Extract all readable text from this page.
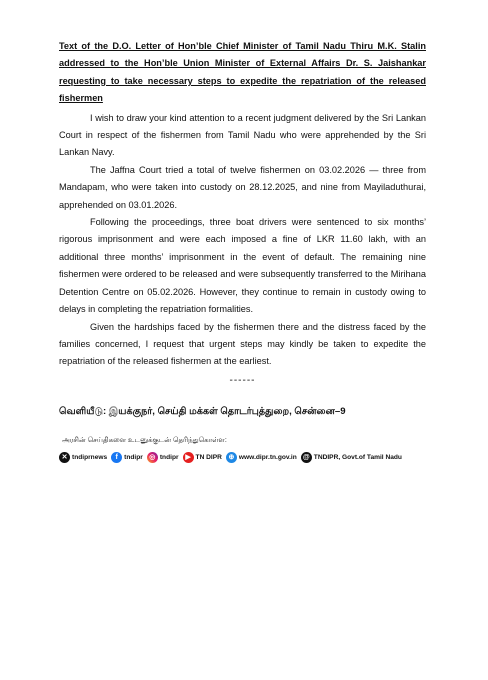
Text of the D.O. Letter of Hon’ble Chief Minister of Tamil Nadu Thiru M.K. Stalin addressed to the Hon’ble Union Minister of External Affairs Dr. S. Jaishankar requesting to take necessary steps to expedite the repatriation of the released fishermen

I wish to draw your kind attention to a recent judgment delivered by the Sri Lankan Court in respect of the fishermen from Tamil Nadu who were apprehended by the Sri Lankan Navy.

The Jaffna Court tried a total of twelve fishermen on 03.02.2026 — three from Mandapam, who were taken into custody on 28.12.2025, and nine from Mayiladuthurai, apprehended on 03.01.2026.

Following the proceedings, three boat drivers were sentenced to six months’ rigorous imprisonment and were each imposed a fine of LKR 11.60 lakh, with an additional three months’ imprisonment in the event of default. The remaining nine fishermen were ordered to be released and were subsequently transferred to the Mirihana Detention Centre on 05.02.2026. However, they continue to remain in custody owing to delays in completing the repatriation formalities.

Given the hardships faced by the fishermen there and the distress faced by the families concerned, I request that urgent steps may kindly be taken to expedite the repatriation of the released fishermen at the earliest.

------
வெளியீடு: இயக்குநர், செய்தி மக்கள் தொடர்புத்துறை, சென்னை–9
அரசின் செய்திகளை உடனுக்குடன் தெரிந்துகொள்ள:
✕ tndiprnews	f tndipr ◎ tndipr ▶ TN DIPR ⊕ www.dipr.tn.gov.in @ TNDIPR, Govt.of Tamil Nadu
